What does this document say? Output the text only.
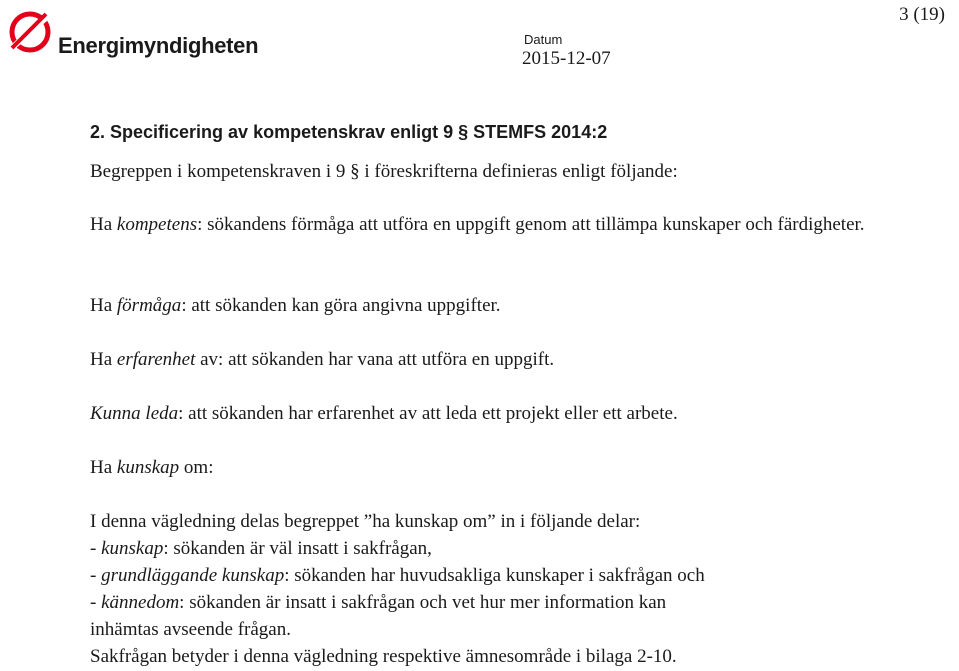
Energimyndigheten
3 (19)
Datum
2015-12-07
2. Specificering av kompetenskrav enligt 9 § STEMFS 2014:2
Begreppen i kompetenskraven i 9 § i föreskrifterna definieras enligt följande:
Ha kompetens: sökandens förmåga att utföra en uppgift genom att tillämpa kunskaper och färdigheter.
Ha förmåga: att sökanden kan göra angivna uppgifter.
Ha erfarenhet av: att sökanden har vana att utföra en uppgift.
Kunna leda: att sökanden har erfarenhet av att leda ett projekt eller ett arbete.
Ha kunskap om:
I denna vägledning delas begreppet ”ha kunskap om” in i följande delar:
- kunskap: sökanden är väl insatt i sakfrågan,
- grundläggande kunskap: sökanden har huvudsakliga kunskaper i sakfrågan och
- kännedom: sökanden är insatt i sakfrågan och vet hur mer information kan
inhämtas avseende frågan.
Sakfrågan betyder i denna vägledning respektive ämnesområde i bilaga 2-10.
